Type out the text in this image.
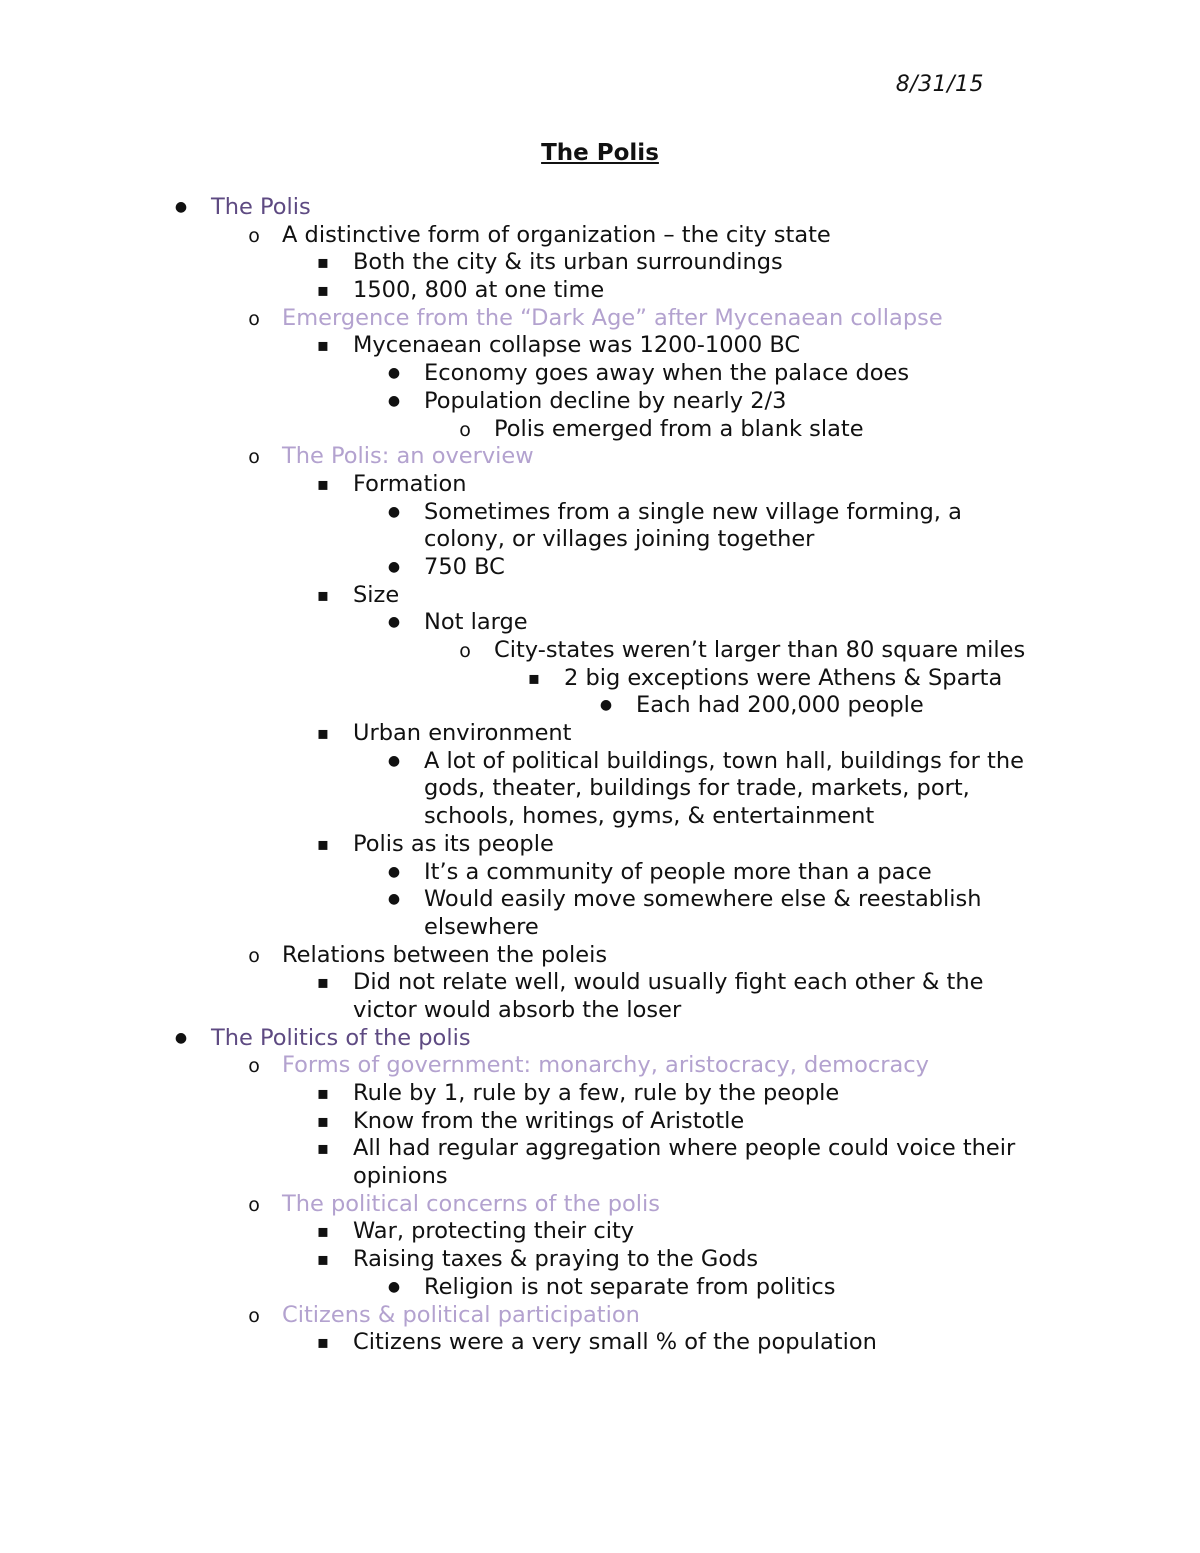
8/31/15
The Polis
●
The Polis
o
A distinctive form of organization – the city state
▪
Both the city & its urban surroundings
▪
1500, 800 at one time
o
Emergence from the “Dark Age” after Mycenaean collapse
▪
Mycenaean collapse was 1200-1000 BC
●
Economy goes away when the palace does
●
Population decline by nearly 2/3
o
Polis emerged from a blank slate
o
The Polis: an overview
▪
Formation
●
Sometimes from a single new village forming, a
colony, or villages joining together
●
750 BC
▪
Size
●
Not large
o
City-states weren’t larger than 80 square miles
▪
2 big exceptions were Athens & Sparta
●
Each had 200,000 people
▪
Urban environment
●
A lot of political buildings, town hall, buildings for the
gods, theater, buildings for trade, markets, port,
schools, homes, gyms, & entertainment
▪
Polis as its people
●
It’s a community of people more than a pace
●
Would easily move somewhere else & reestablish
elsewhere
o
Relations between the poleis
▪
Did not relate well, would usually fight each other & the
victor would absorb the loser
●
The Politics of the polis
o
Forms of government: monarchy, aristocracy, democracy
▪
Rule by 1, rule by a few, rule by the people
▪
Know from the writings of Aristotle
▪
All had regular aggregation where people could voice their
opinions
o
The political concerns of the polis
▪
War, protecting their city
▪
Raising taxes & praying to the Gods
●
Religion is not separate from politics
o
Citizens & political participation
▪
Citizens were a very small % of the population
